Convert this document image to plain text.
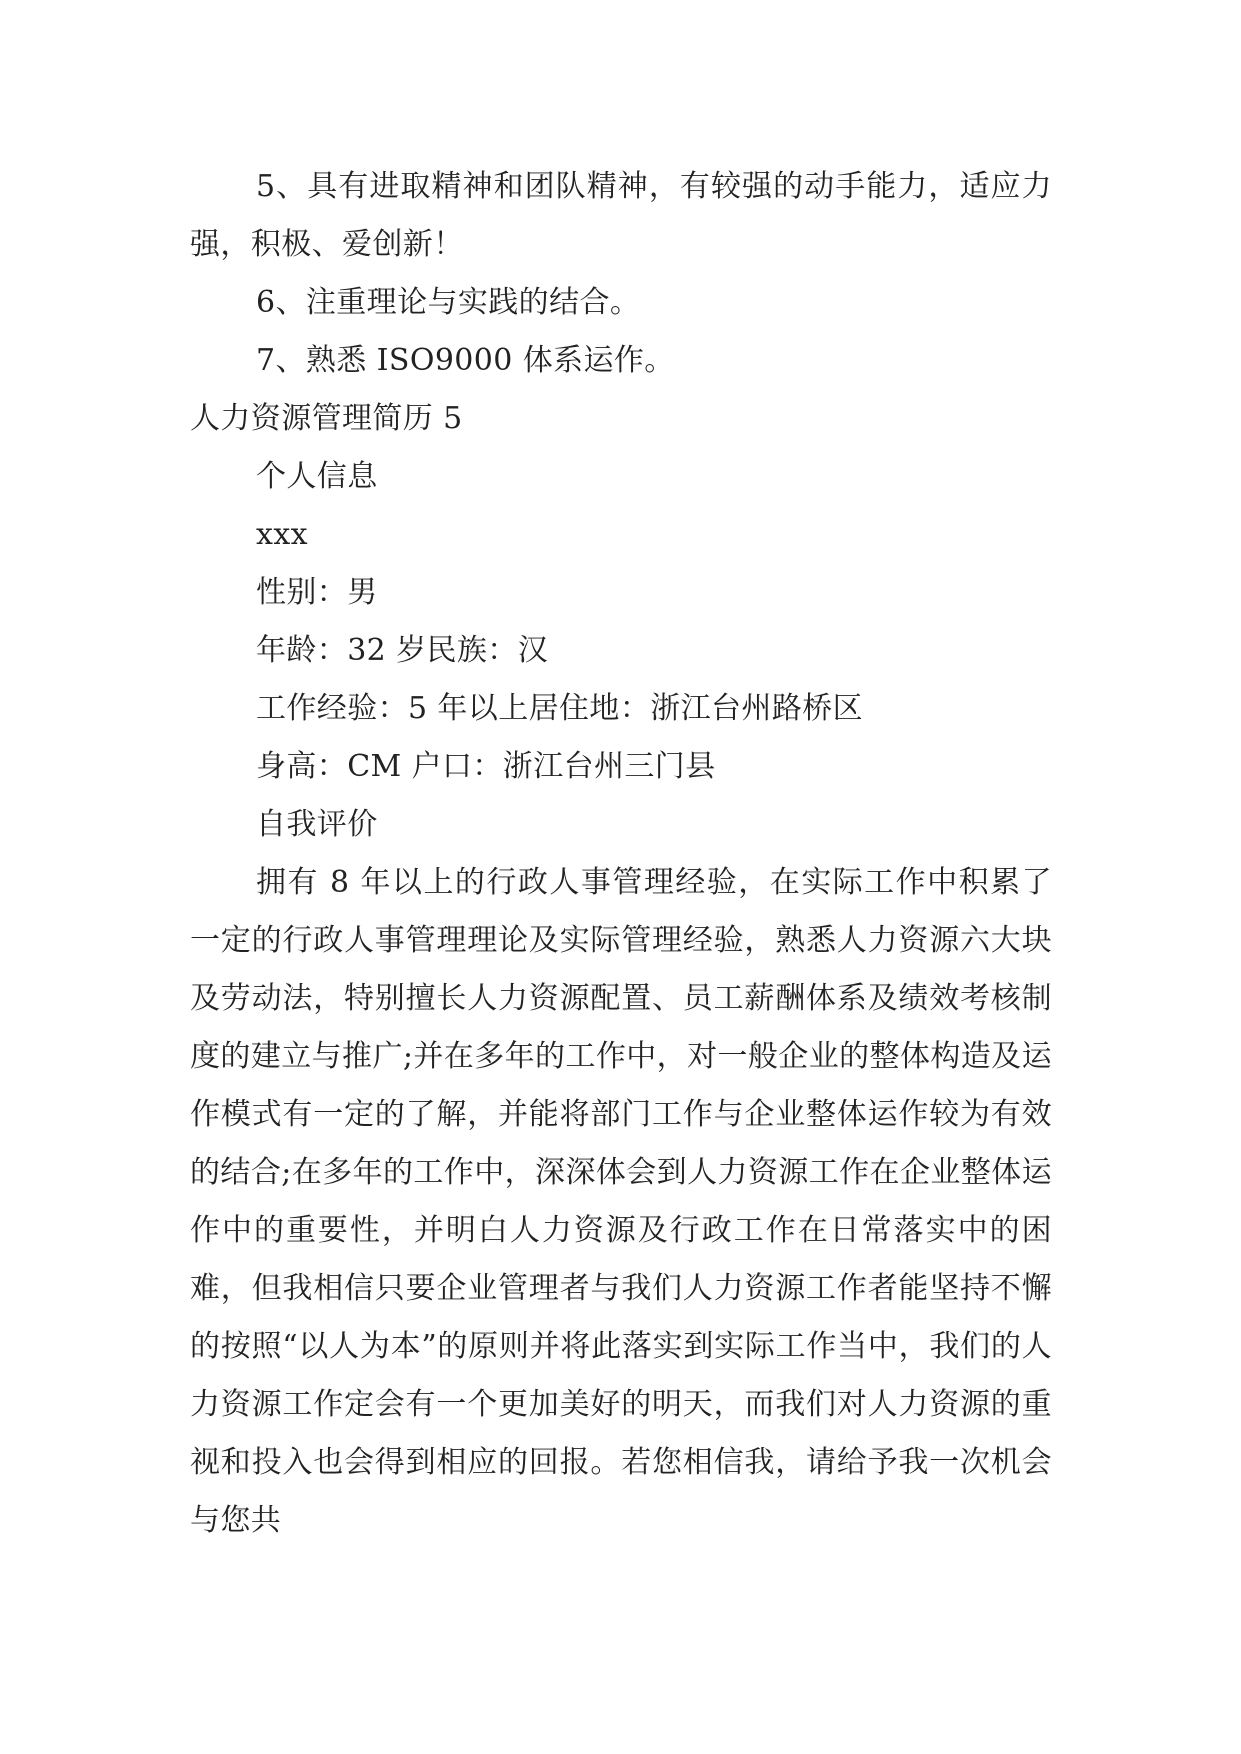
5、具有进取精神和团队精神，有较强的动手能力，适应力强，积极、爱创新！

6、注重理论与实践的结合。

7、熟悉 ISO9000 体系运作。

人力资源管理简历 5

个人信息

xxx

性别：男

年龄：32 岁民族：汉

工作经验：5 年以上居住地：浙江台州路桥区

身高：CM 户口：浙江台州三门县

自我评价

拥有 8 年以上的行政人事管理经验，在实际工作中积累了一定的行政人事管理理论及实际管理经验，熟悉人力资源六大块及劳动法，特别擅长人力资源配置、员工薪酬体系及绩效考核制度的建立与推广;并在多年的工作中，对一般企业的整体构造及运作模式有一定的了解，并能将部门工作与企业整体运作较为有效的结合;在多年的工作中，深深体会到人力资源工作在企业整体运作中的重要性，并明白人力资源及行政工作在日常落实中的困难，但我相信只要企业管理者与我们人力资源工作者能坚持不懈的按照“以人为本”的原则并将此落实到实际工作当中，我们的人力资源工作定会有一个更加美好的明天，而我们对人力资源的重视和投入也会得到相应的回报。若您相信我，请给予我一次机会与您共
